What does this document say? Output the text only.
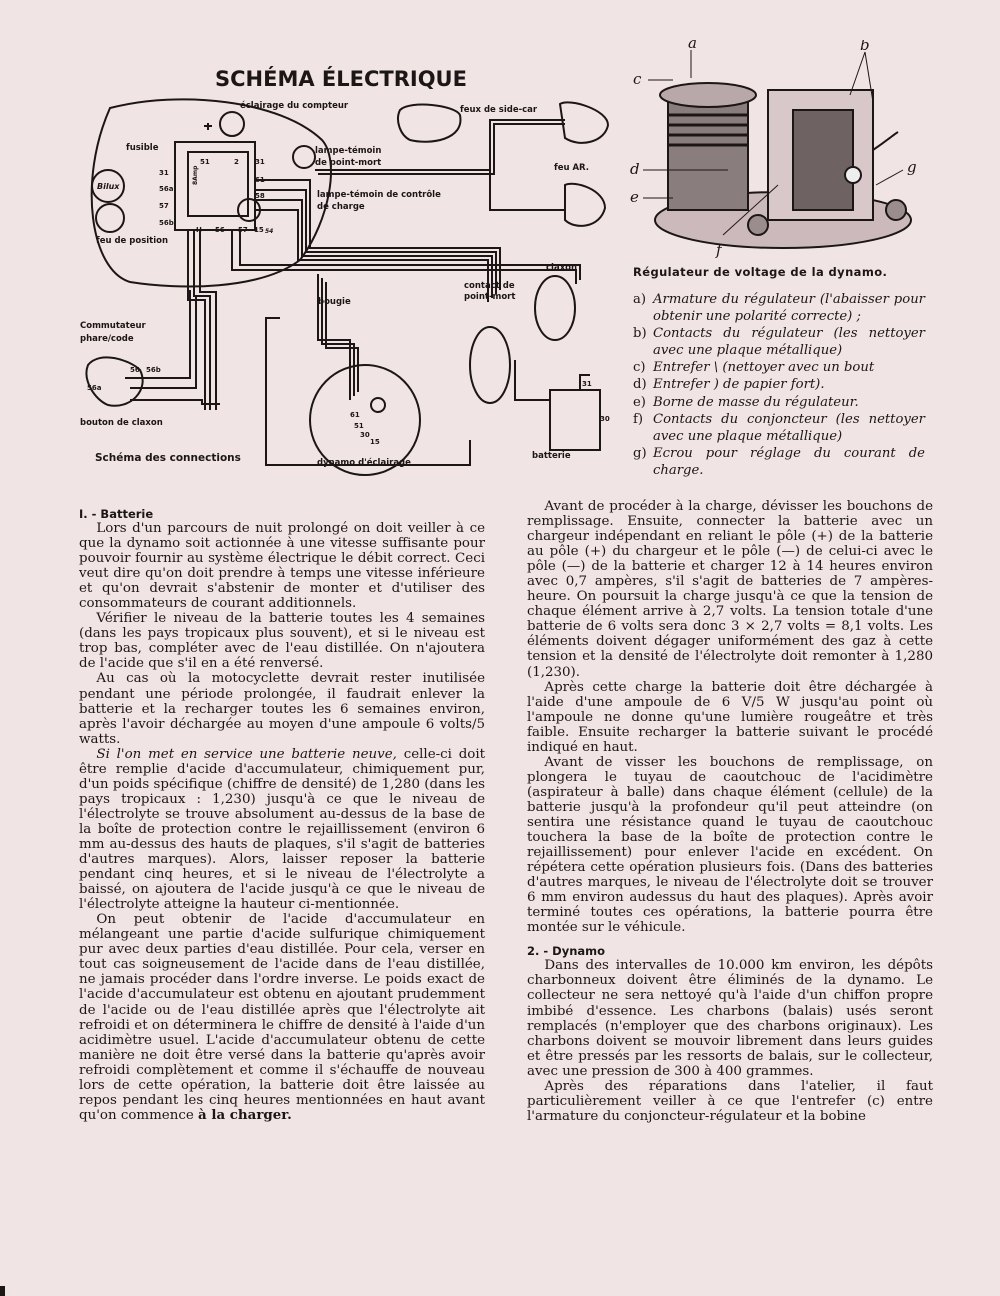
SCHÉMA ÉLECTRIQUE
éclairage du compteur	feux de side-car
fusible	lampe-témoin
de point-mort	feu AR.
lampe-témoin de contrôle
de charge
Bilux
feu de position
claxon
contact de
point-mort
bougie
Commutateur
phare/code
bouton de claxon
Schéma des connections	dynamo d'éclairage
batterie
8Amp
51	2 31
61
58
H 56 57 15 54
31
56a
57
56b
56 56b
56a
61
51
30
15
31
30
a	b
c
d
e
f
g
Régulateur de voltage de la dynamo.
a) Armature du régulateur (l'abaisser pour obtenir une polarité correcte) ;
b) Contacts du régulateur (les nettoyer avec une plaque métallique)
c) Entrefer \ (nettoyer avec un bout
d) Entrefer ) de papier fort).
e) Borne de masse du régulateur.
f) Contacts du conjoncteur (les nettoyer avec une plaque métallique)
g) Ecrou pour réglage du courant de charge.
I. - Batterie

Lors d'un parcours de nuit prolongé on doit veiller à ce que la dynamo soit actionnée à une vitesse suffisante pour pouvoir fournir au système électrique le débit correct. Ceci veut dire qu'on doit prendre à temps une vitesse inférieure et qu'on devrait s'abstenir de monter et d'utiliser des consommateurs de courant additionnels.

Vérifier le niveau de la batterie toutes les 4 semaines (dans les pays tropicaux plus souvent), et si le niveau est trop bas, compléter avec de l'eau distillée. On n'ajoutera de l'acide que s'il en a été renversé.

Au cas où la motocyclette devrait rester inutilisée pendant une période prolongée, il faudrait enlever la batterie et la recharger toutes les 6 semaines environ, après l'avoir déchargée au moyen d'une ampoule 6 volts/5 watts.

Si l'on met en service une batterie neuve, celle-ci doit être remplie d'acide d'accumulateur, chimiquement pur, d'un poids spécifique (chiffre de densité) de 1,280 (dans les pays tropicaux : 1,230) jusqu'à ce que le niveau de l'électrolyte se trouve absolument au-dessus de la base de la boîte de protection contre le rejaillissement (environ 6 mm au-dessus des hauts de plaques, s'il s'agit de batteries d'autres marques). Alors, laisser reposer la batterie pendant cinq heures, et si le niveau de l'électrolyte a baissé, on ajoutera de l'acide jusqu'à ce que le niveau de l'électrolyte atteigne la hauteur ci-mentionnée.

On peut obtenir de l'acide d'accumulateur en mélangeant une partie d'acide sulfurique chimiquement pur avec deux parties d'eau distillée. Pour cela, verser en tout cas soigneusement de l'acide dans de l'eau distillée, ne jamais procéder dans l'ordre inverse. Le poids exact de l'acide d'accumulateur est obtenu en ajoutant prudemment de l'acide ou de l'eau distillée après que l'électrolyte ait refroidi et on déterminera le chiffre de densité à l'aide d'un acidimètre usuel. L'acide d'accumulateur obtenu de cette manière ne doit être versé dans la batterie qu'après avoir refroidi complètement et comme il s'échauffe de nouveau lors de cette opération, la batterie doit être laissée au repos pendant les cinq heures mentionnées en haut avant qu'on commence à la charger.

Avant de procéder à la charge, dévisser les bouchons de remplissage. Ensuite, connecter la batterie avec un chargeur indépendant en reliant le pôle (+) de la batterie au pôle (+) du chargeur et le pôle (—) de celui-ci avec le pôle (—) de la batterie et charger 12 à 14 heures environ avec 0,7 ampères, s'il s'agit de batteries de 7 ampères-heure. On poursuit la charge jusqu'à ce que la tension de chaque élément arrive à 2,7 volts. La tension totale d'une batterie de 6 volts sera donc 3 × 2,7 volts = 8,1 volts. Les éléments doivent dégager uniformément des gaz à cette tension et la densité de l'électrolyte doit remonter à 1,280 (1,230).

Après cette charge la batterie doit être déchargée à l'aide d'une ampoule de 6 V/5 W jusqu'au point où l'ampoule ne donne qu'une lumière rougeâtre et très faible. Ensuite recharger la batterie suivant le procédé indiqué en haut.

Avant de visser les bouchons de remplissage, on plongera le tuyau de caoutchouc de l'acidimètre (aspirateur à balle) dans chaque élément (cellule) de la batterie jusqu'à la profondeur qu'il peut atteindre (on sentira une résistance quand le tuyau de caoutchouc touchera la base de la boîte de protection contre le rejaillissement) pour enlever l'acide en excédent. On répétera cette opération plusieurs fois. (Dans des batteries d'autres marques, le niveau de l'électrolyte doit se trouver 6 mm environ audessus du haut des plaques). Après avoir terminé toutes ces opérations, la batterie pourra être montée sur le véhicule.

2. - Dynamo

Dans des intervalles de 10.000 km environ, les dépôts charbonneux doivent être éliminés de la dynamo. Le collecteur ne sera nettoyé qu'à l'aide d'un chiffon propre imbibé d'essence. Les charbons (balais) usés seront remplacés (n'employer que des charbons originaux). Les charbons doivent se mouvoir librement dans leurs guides et être pressés par les ressorts de balais, sur le collecteur, avec une pression de 300 à 400 grammes.

Après des réparations dans l'atelier, il faut particulièrement veiller à ce que l'entrefer (c) entre l'armature du conjoncteur-régulateur et la bobine
